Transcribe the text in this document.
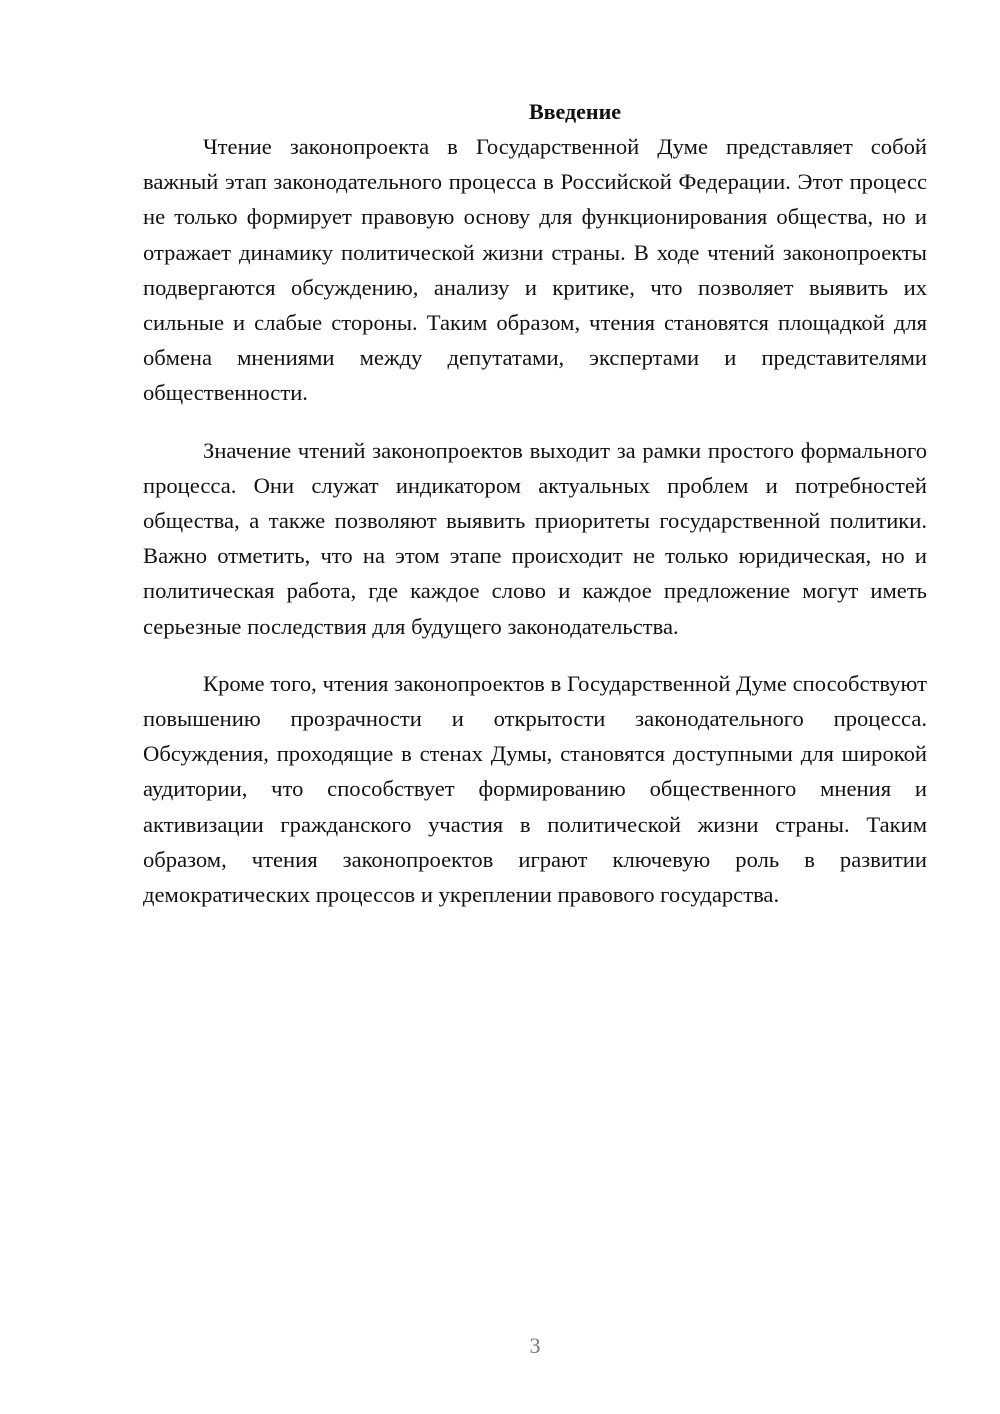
Введение

Чтение законопроекта в Государственной Думе представляет собой важный этап законодательного процесса в Российской Федерации. Этот процесс не только формирует правовую основу для функционирования общества, но и отражает динамику политической жизни страны. В ходе чтений законопроекты подвергаются обсуждению, анализу и критике, что позволяет выявить их сильные и слабые стороны. Таким образом, чтения становятся площадкой для обмена мнениями между депутатами, экспертами и представителями общественности.

Значение чтений законопроектов выходит за рамки простого формального процесса. Они служат индикатором актуальных проблем и потребностей общества, а также позволяют выявить приоритеты государственной политики. Важно отметить, что на этом этапе происходит не только юридическая, но и политическая работа, где каждое слово и каждое предложение могут иметь серьезные последствия для будущего законодательства.

Кроме того, чтения законопроектов в Государственной Думе способствуют повышению прозрачности и открытости законодательного процесса. Обсуждения, проходящие в стенах Думы, становятся доступными для широкой аудитории, что способствует формированию общественного мнения и активизации гражданского участия в политической жизни страны. Таким образом, чтения законопроектов играют ключевую роль в развитии демократических процессов и укреплении правового государства.

3
